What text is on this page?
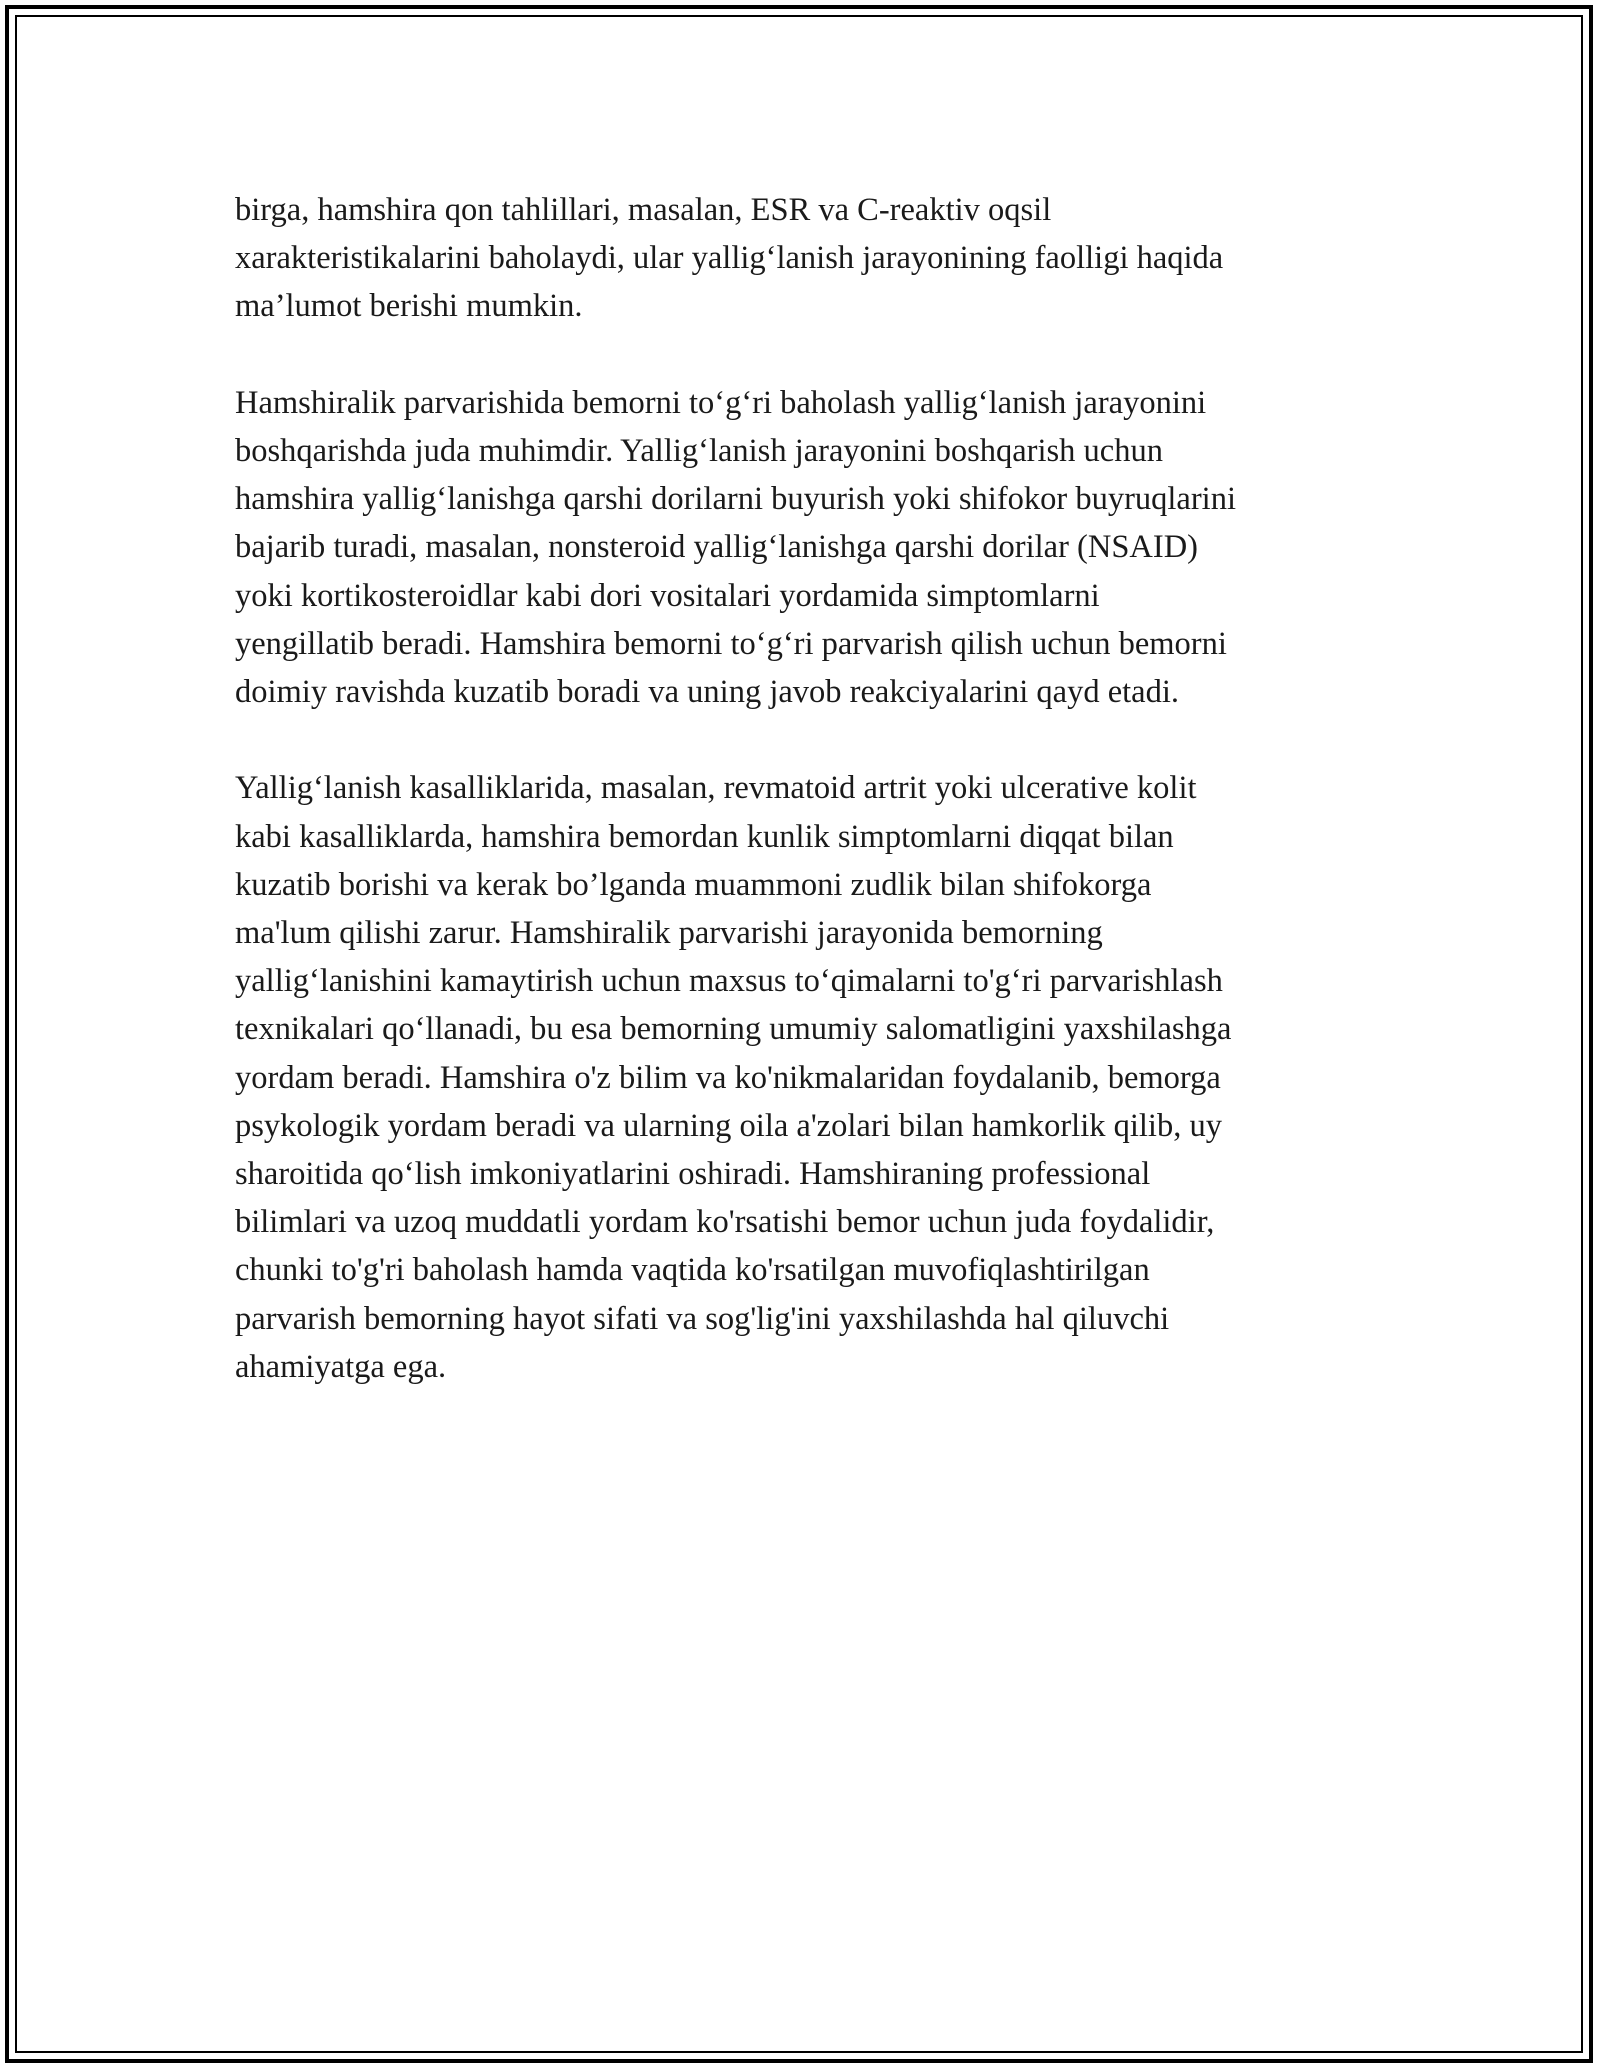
birga, hamshira qon tahlillari, masalan, ESR va C-reaktiv oqsil
xarakteristikalarini baholaydi, ular yallig‘lanish jarayonining faolligi haqida
ma’lumot berishi mumkin.

Hamshiralik parvarishida bemorni to‘g‘ri baholash yallig‘lanish jarayonini
boshqarishda juda muhimdir. Yallig‘lanish jarayonini boshqarish uchun
hamshira yallig‘lanishga qarshi dorilarni buyurish yoki shifokor buyruqlarini
bajarib turadi, masalan, nonsteroid yallig‘lanishga qarshi dorilar (NSAID)
yoki kortikosteroidlar kabi dori vositalari yordamida simptomlarni
yengillatib beradi. Hamshira bemorni to‘g‘ri parvarish qilish uchun bemorni
doimiy ravishda kuzatib boradi va uning javob reakciyalarini qayd etadi.

Yallig‘lanish kasalliklarida, masalan, revmatoid artrit yoki ulcerative kolit
kabi kasalliklarda, hamshira bemordan kunlik simptomlarni diqqat bilan
kuzatib borishi va kerak bo’lganda muammoni zudlik bilan shifokorga
ma'lum qilishi zarur. Hamshiralik parvarishi jarayonida bemorning
yallig‘lanishini kamaytirish uchun maxsus to‘qimalarni to'g‘ri parvarishlash
texnikalari qo‘llanadi, bu esa bemorning umumiy salomatligini yaxshilashga
yordam beradi. Hamshira o'z bilim va ko'nikmalaridan foydalanib, bemorga
psykologik yordam beradi va ularning oila a'zolari bilan hamkorlik qilib, uy
sharoitida qo‘lish imkoniyatlarini oshiradi. Hamshiraning professional
bilimlari va uzoq muddatli yordam ko'rsatishi bemor uchun juda foydalidir,
chunki to'g'ri baholash hamda vaqtida ko'rsatilgan muvofiqlashtirilgan
parvarish bemorning hayot sifati va sog'lig'ini yaxshilashda hal qiluvchi
ahamiyatga ega.
